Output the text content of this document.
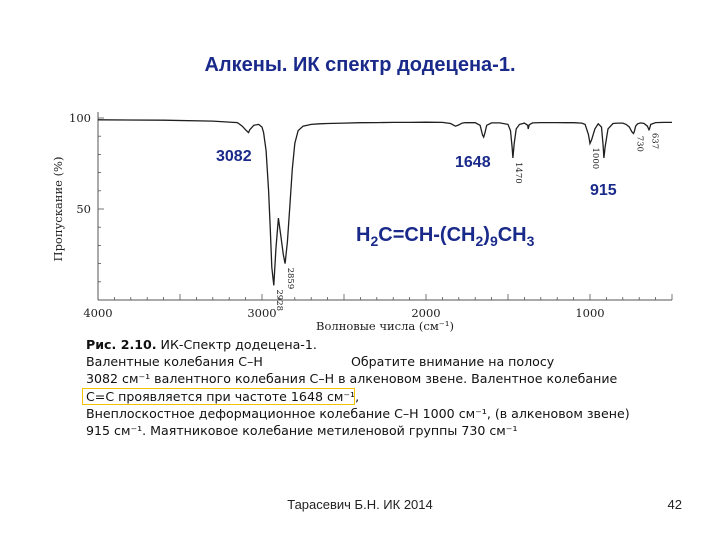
Алкены. ИК спектр додецена-1.
4000	3000	2000	1000
100
50
2928
2859
1470
1000
730 637
Волновые числа (см⁻¹)
Пропускание (%)
3082	1648
915
$H_2C=CH-(CH_2)_9CH_3$
Рис. 2.10. ИК-Спектр додецена-1.
Валентные колебания С–Н	Обратите внимание на полосу
3082 см⁻¹ валентного колебания С–Н в алкеновом звене. Валентное колебание
С=С проявляется при частоте 1648 см⁻¹,
Внеплоскостное деформационное колебание С–Н 1000 см⁻¹, (в алкеновом звене)
915 см⁻¹. Маятниковое колебание метиленовой группы 730 см⁻¹
Тарасевич Б.Н. ИК 2014	42
